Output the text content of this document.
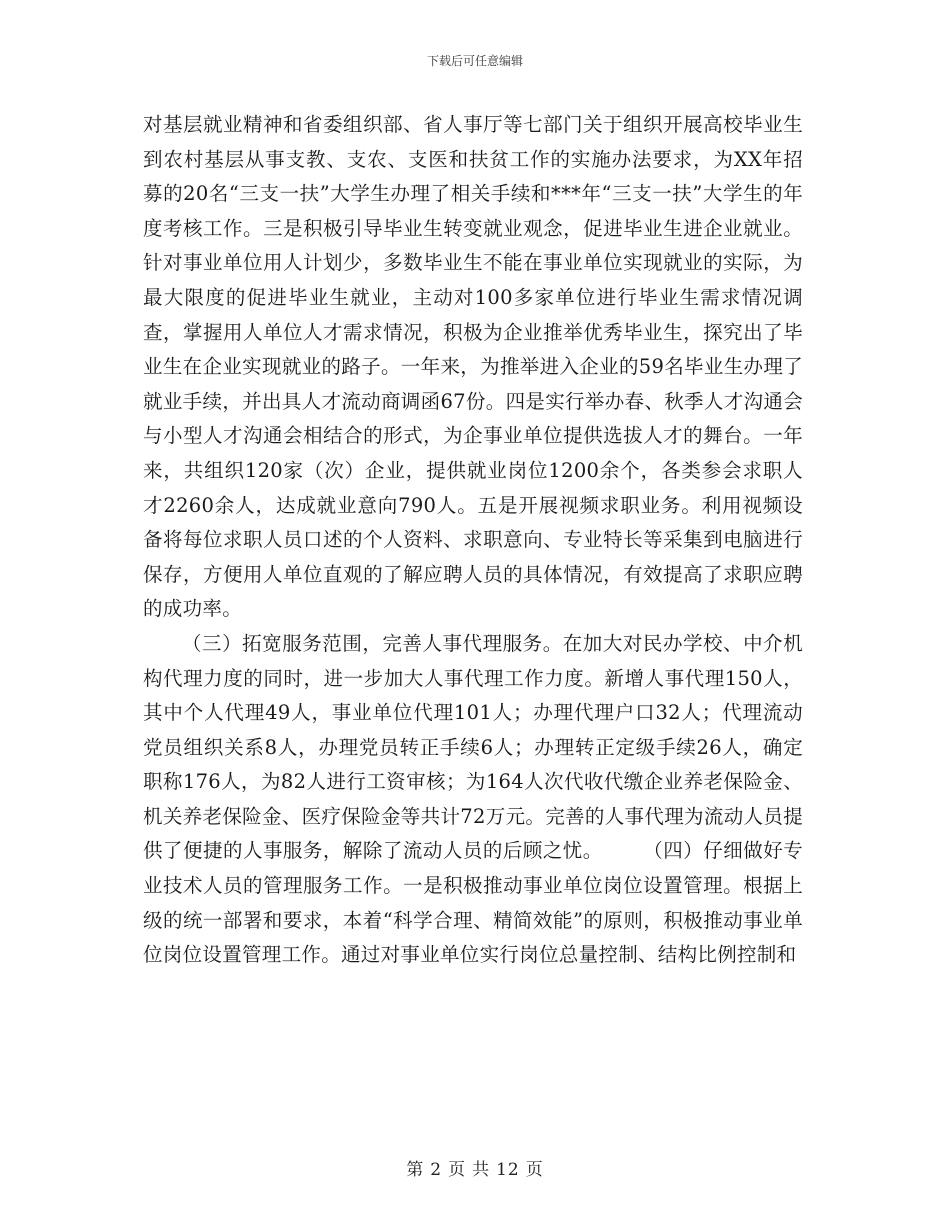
下载后可任意编辑

对基层就业精神和省委组织部、省人事厅等七部门关于组织开展高校毕业生到农村基层从事支教、支农、支医和扶贫工作的实施办法要求，为XX年招募的20名“三支一扶”大学生办理了相关手续和***年“三支一扶”大学生的年度考核工作。三是积极引导毕业生转变就业观念，促进毕业生进企业就业。针对事业单位用人计划少，多数毕业生不能在事业单位实现就业的实际，为最大限度的促进毕业生就业，主动对100多家单位进行毕业生需求情况调查，掌握用人单位人才需求情况，积极为企业推举优秀毕业生，探究出了毕业生在企业实现就业的路子。一年来，为推举进入企业的59名毕业生办理了就业手续，并出具人才流动商调函67份。四是实行举办春、秋季人才沟通会与小型人才沟通会相结合的形式，为企事业单位提供选拔人才的舞台。一年来，共组织120家（次）企业，提供就业岗位1200余个，各类参会求职人才2260余人，达成就业意向790人。五是开展视频求职业务。利用视频设备将每位求职人员口述的个人资料、求职意向、专业特长等采集到电脑进行保存，方便用人单位直观的了解应聘人员的具体情况，有效提高了求职应聘的成功率。

（三）拓宽服务范围，完善人事代理服务。在加大对民办学校、中介机构代理力度的同时，进一步加大人事代理工作力度。新增人事代理150人，其中个人代理49人，事业单位代理101人；办理代理户口32人；代理流动党员组织关系8人，办理党员转正手续6人；办理转正定级手续26人，确定职称176人，为82人进行工资审核；为164人次代收代缴企业养老保险金、机关养老保险金、医疗保险金等共计72万元。完善的人事代理为流动人员提供了便捷的人事服务，解除了流动人员的后顾之忧。　　　（四）仔细做好专业技术人员的管理服务工作。一是积极推动事业单位岗位设置管理。根据上级的统一部署和要求，本着“科学合理、精简效能”的原则，积极推动事业单位岗位设置管理工作。通过对事业单位实行岗位总量控制、结构比例控制和

第 2 页 共 12 页
